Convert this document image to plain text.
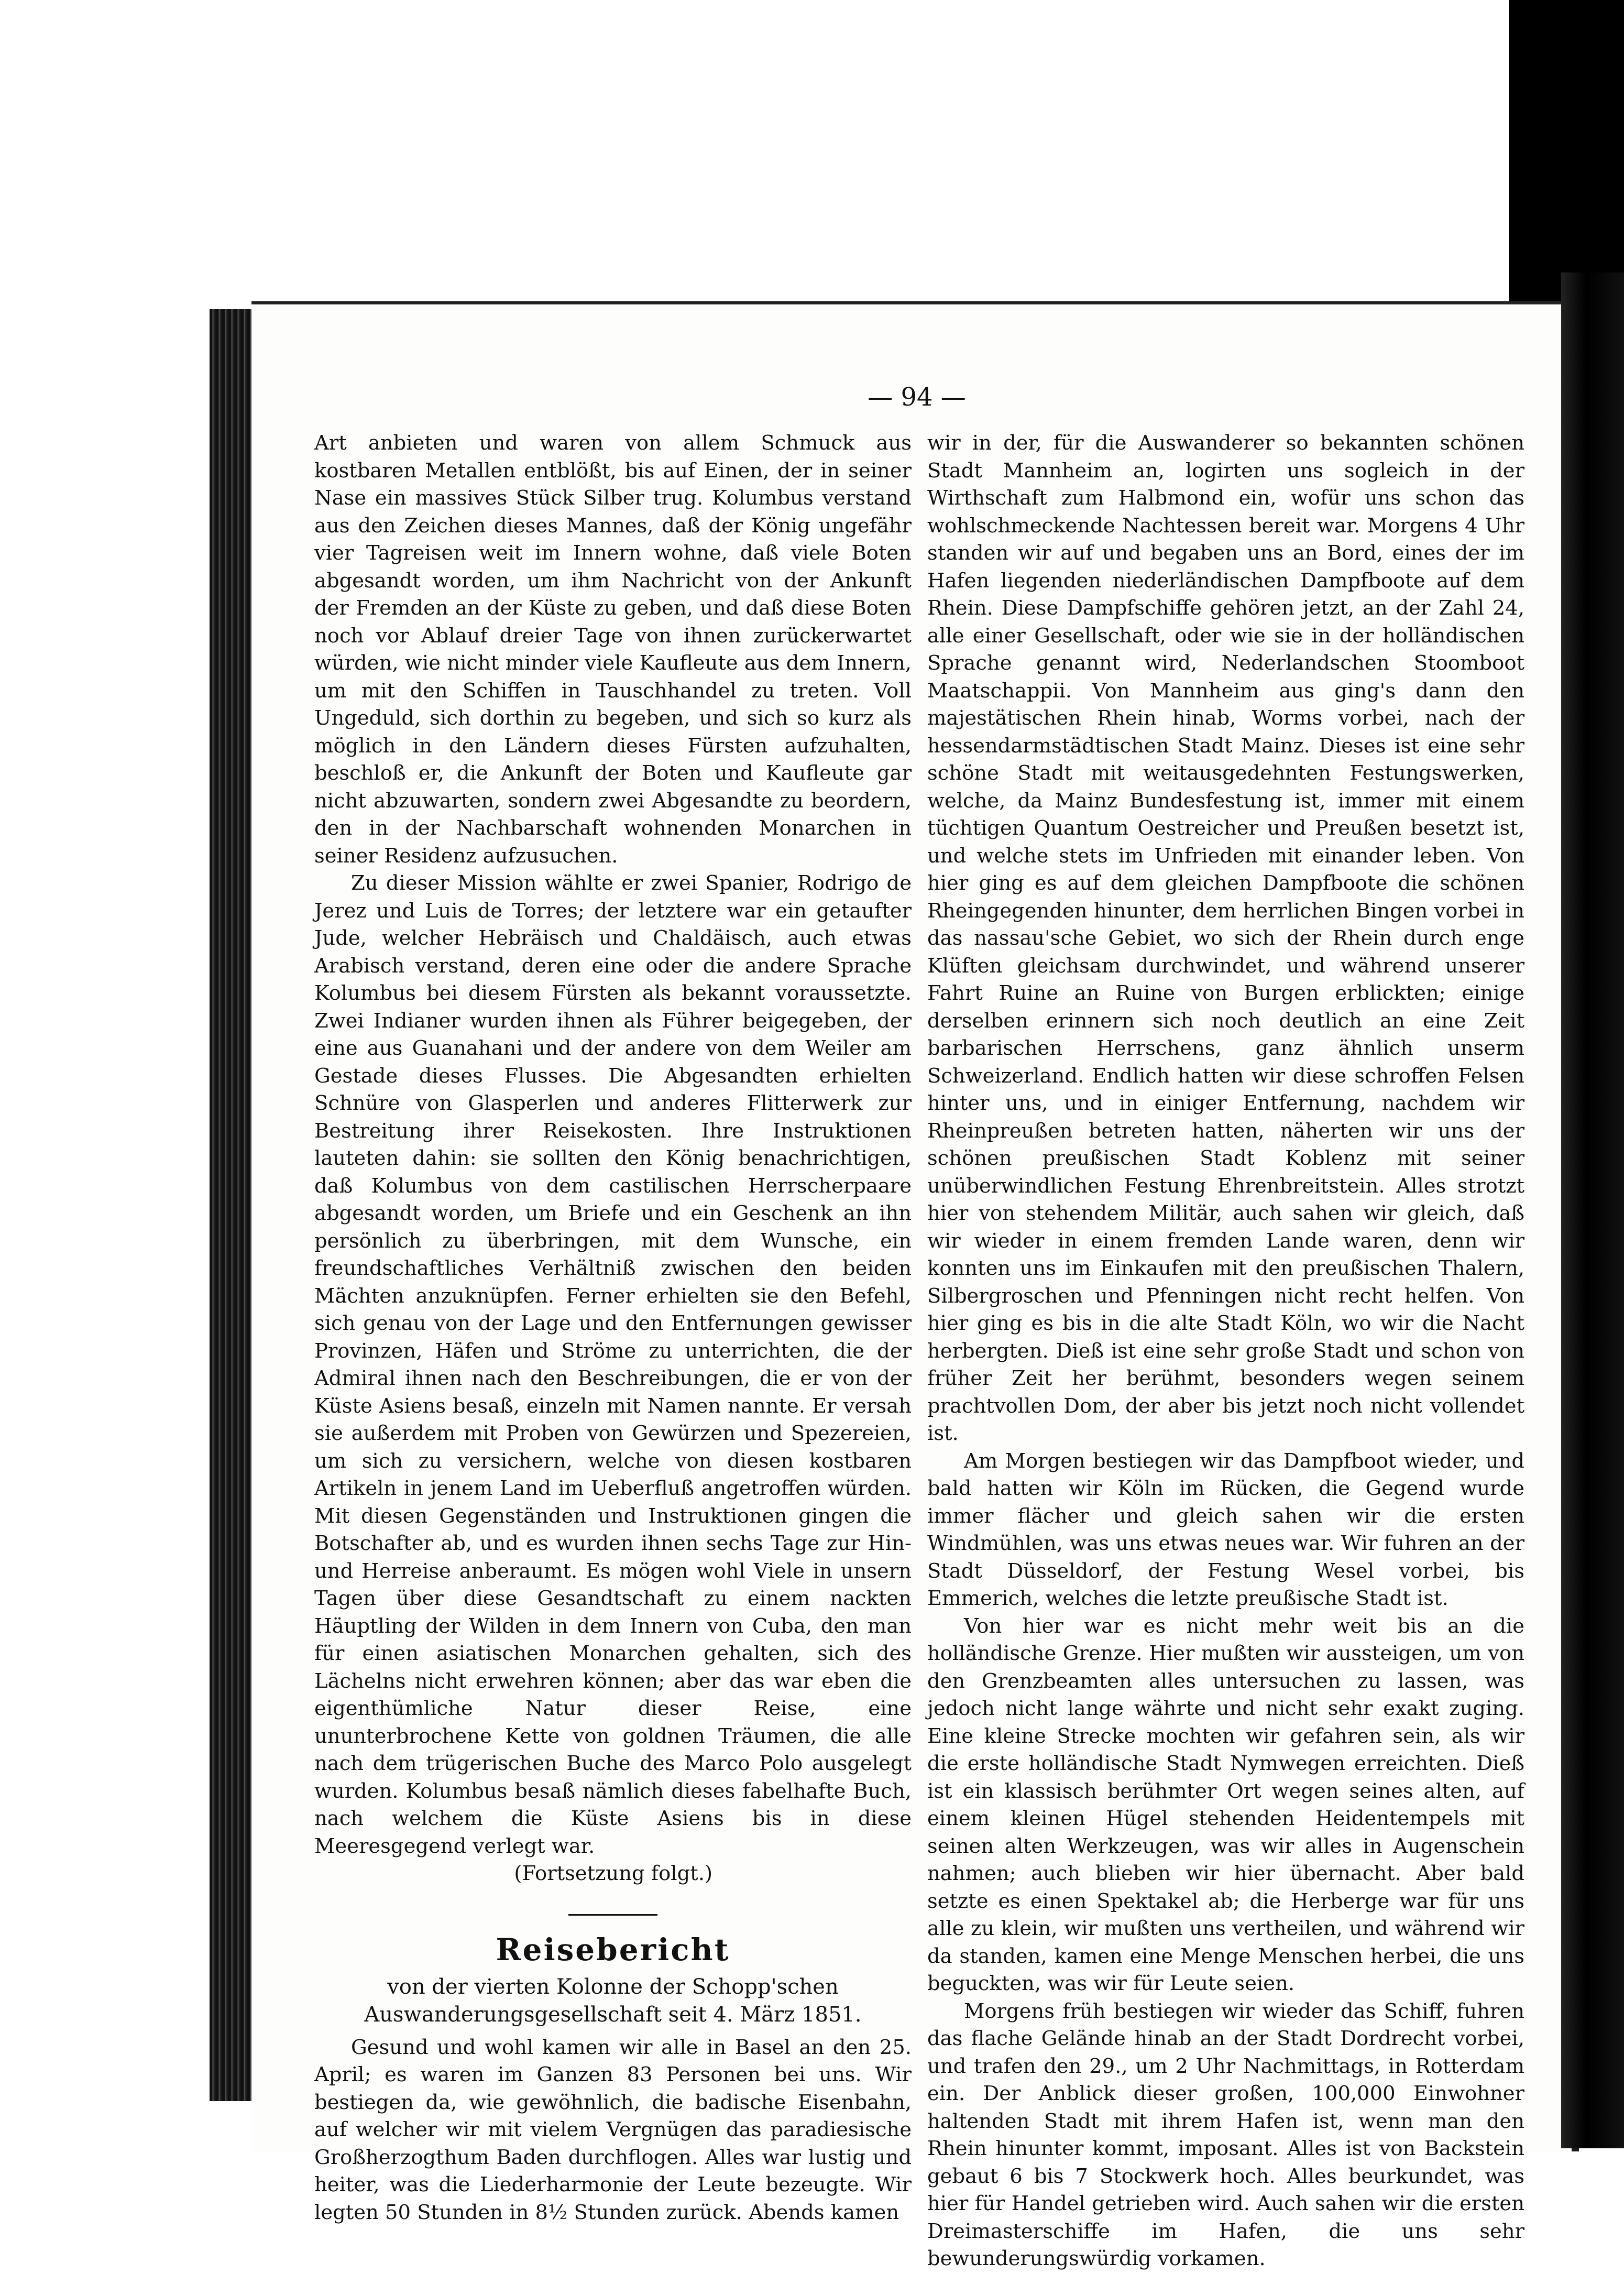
— 94 —

Art anbieten und waren von allem Schmuck aus kostbaren Metallen entblößt, bis auf Einen, der in seiner Nase ein massives Stück Silber trug. Kolumbus verstand aus den Zeichen dieses Mannes, daß der König ungefähr vier Tagreisen weit im Innern wohne, daß viele Boten abgesandt worden, um ihm Nachricht von der Ankunft der Fremden an der Küste zu geben, und daß diese Boten noch vor Ablauf dreier Tage von ihnen zurückerwartet würden, wie nicht minder viele Kaufleute aus dem Innern, um mit den Schiffen in Tauschhandel zu treten. Voll Ungeduld, sich dorthin zu begeben, und sich so kurz als möglich in den Ländern dieses Fürsten aufzuhalten, beschloß er, die Ankunft der Boten und Kaufleute gar nicht abzuwarten, sondern zwei Abgesandte zu beordern, den in der Nachbarschaft wohnenden Monarchen in seiner Residenz aufzusuchen.

Zu dieser Mission wählte er zwei Spanier, Rodrigo de Jerez und Luis de Torres; der letztere war ein getaufter Jude, welcher Hebräisch und Chaldäisch, auch etwas Arabisch verstand, deren eine oder die andere Sprache Kolumbus bei diesem Fürsten als bekannt voraussetzte. Zwei Indianer wurden ihnen als Führer beigegeben, der eine aus Guanahani und der andere von dem Weiler am Gestade dieses Flusses. Die Abgesandten erhielten Schnüre von Glasperlen und anderes Flitterwerk zur Bestreitung ihrer Reisekosten. Ihre Instruktionen lauteten dahin: sie sollten den König benachrichtigen, daß Kolumbus von dem castilischen Herrscherpaare abgesandt worden, um Briefe und ein Geschenk an ihn persönlich zu überbringen, mit dem Wunsche, ein freundschaftliches Verhältniß zwischen den beiden Mächten anzuknüpfen. Ferner erhielten sie den Befehl, sich genau von der Lage und den Entfernungen gewisser Provinzen, Häfen und Ströme zu unterrichten, die der Admiral ihnen nach den Beschreibungen, die er von der Küste Asiens besaß, einzeln mit Namen nannte. Er versah sie außerdem mit Proben von Gewürzen und Spezereien, um sich zu versichern, welche von diesen kostbaren Artikeln in jenem Land im Ueberfluß angetroffen würden. Mit diesen Gegenständen und Instruktionen gingen die Botschafter ab, und es wurden ihnen sechs Tage zur Hin- und Herreise anberaumt. Es mögen wohl Viele in unsern Tagen über diese Gesandtschaft zu einem nackten Häuptling der Wilden in dem Innern von Cuba, den man für einen asiatischen Monarchen gehalten, sich des Lächelns nicht erwehren können; aber das war eben die eigenthümliche Natur dieser Reise, eine ununterbrochene Kette von goldnen Träumen, die alle nach dem trügerischen Buche des Marco Polo ausgelegt wurden. Kolumbus besaß nämlich dieses fabelhafte Buch, nach welchem die Küste Asiens bis in diese Meeresgegend verlegt war.

(Fortsetzung folgt.)

Reisebericht
von der vierten Kolonne der Schopp'schen Auswanderungsgesellschaft seit 4. März 1851.

Gesund und wohl kamen wir alle in Basel an den 25. April; es waren im Ganzen 83 Personen bei uns. Wir bestiegen da, wie gewöhnlich, die badische Eisenbahn, auf welcher wir mit vielem Vergnügen das paradiesische Großherzogthum Baden durchflogen. Alles war lustig und heiter, was die Liederharmonie der Leute bezeugte. Wir legten 50 Stunden in 8½ Stunden zurück. Abends kamen

wir in der, für die Auswanderer so bekannten schönen Stadt Mannheim an, logirten uns sogleich in der Wirthschaft zum Halbmond ein, wofür uns schon das wohlschmeckende Nachtessen bereit war. Morgens 4 Uhr standen wir auf und begaben uns an Bord, eines der im Hafen liegenden niederländischen Dampfboote auf dem Rhein. Diese Dampfschiffe gehören jetzt, an der Zahl 24, alle einer Gesellschaft, oder wie sie in der holländischen Sprache genannt wird, Nederlandschen Stoomboot Maatschappii. Von Mannheim aus ging's dann den majestätischen Rhein hinab, Worms vorbei, nach der hessendarmstädtischen Stadt Mainz. Dieses ist eine sehr schöne Stadt mit weitausgedehnten Festungswerken, welche, da Mainz Bundesfestung ist, immer mit einem tüchtigen Quantum Oestreicher und Preußen besetzt ist, und welche stets im Unfrieden mit einander leben. Von hier ging es auf dem gleichen Dampfboote die schönen Rheingegenden hinunter, dem herrlichen Bingen vorbei in das nassau'sche Gebiet, wo sich der Rhein durch enge Klüften gleichsam durchwindet, und während unserer Fahrt Ruine an Ruine von Burgen erblickten; einige derselben erinnern sich noch deutlich an eine Zeit barbarischen Herrschens, ganz ähnlich unserm Schweizerland. Endlich hatten wir diese schroffen Felsen hinter uns, und in einiger Entfernung, nachdem wir Rheinpreußen betreten hatten, näherten wir uns der schönen preußischen Stadt Koblenz mit seiner unüberwindlichen Festung Ehrenbreitstein. Alles strotzt hier von stehendem Militär, auch sahen wir gleich, daß wir wieder in einem fremden Lande waren, denn wir konnten uns im Einkaufen mit den preußischen Thalern, Silbergroschen und Pfenningen nicht recht helfen. Von hier ging es bis in die alte Stadt Köln, wo wir die Nacht herbergten. Dieß ist eine sehr große Stadt und schon von früher Zeit her berühmt, besonders wegen seinem prachtvollen Dom, der aber bis jetzt noch nicht vollendet ist.

Am Morgen bestiegen wir das Dampfboot wieder, und bald hatten wir Köln im Rücken, die Gegend wurde immer flächer und gleich sahen wir die ersten Windmühlen, was uns etwas neues war. Wir fuhren an der Stadt Düsseldorf, der Festung Wesel vorbei, bis Emmerich, welches die letzte preußische Stadt ist.

Von hier war es nicht mehr weit bis an die holländische Grenze. Hier mußten wir aussteigen, um von den Grenzbeamten alles untersuchen zu lassen, was jedoch nicht lange währte und nicht sehr exakt zuging. Eine kleine Strecke mochten wir gefahren sein, als wir die erste holländische Stadt Nymwegen erreichten. Dieß ist ein klassisch berühmter Ort wegen seines alten, auf einem kleinen Hügel stehenden Heidentempels mit seinen alten Werkzeugen, was wir alles in Augenschein nahmen; auch blieben wir hier übernacht. Aber bald setzte es einen Spektakel ab; die Herberge war für uns alle zu klein, wir mußten uns vertheilen, und während wir da standen, kamen eine Menge Menschen herbei, die uns beguckten, was wir für Leute seien.

Morgens früh bestiegen wir wieder das Schiff, fuhren das flache Gelände hinab an der Stadt Dordrecht vorbei, und trafen den 29., um 2 Uhr Nachmittags, in Rotterdam ein. Der Anblick dieser großen, 100,000 Einwohner haltenden Stadt mit ihrem Hafen ist, wenn man den Rhein hinunter kommt, imposant. Alles ist von Backstein gebaut 6 bis 7 Stockwerk hoch. Alles beurkundet, was hier für Handel getrieben wird. Auch sahen wir die ersten Dreimasterschiffe im Hafen, die uns sehr bewunderungswürdig vorkamen.
